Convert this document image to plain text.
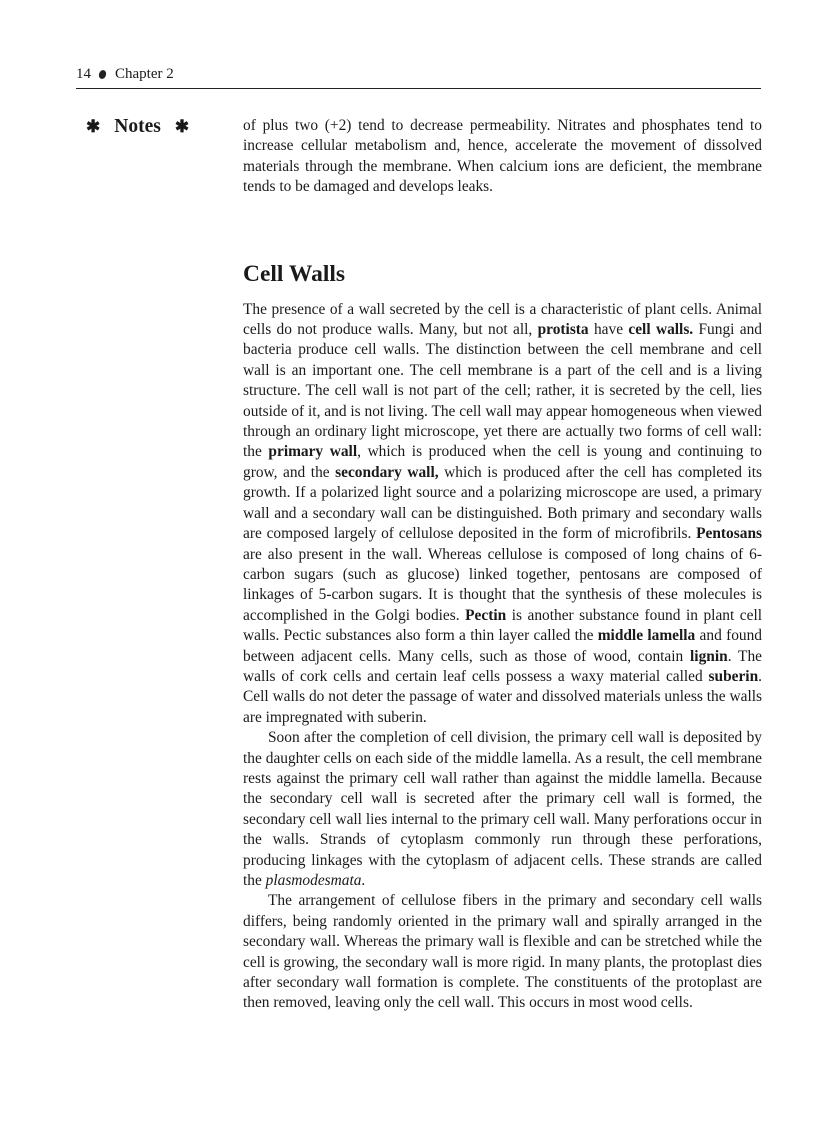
14 Chapter 2
✱ Notes ✱	of plus two (+2) tend to decrease permeability. Nitrates and phosphates tend to increase cellular metabolism and, hence, accelerate the movement of dissolved materials through the membrane. When calcium ions are deficient, the membrane tends to be damaged and develops leaks.

Cell Walls

The presence of a wall secreted by the cell is a characteristic of plant cells. Animal cells do not produce walls. Many, but not all, protista have cell walls. Fungi and bacteria produce cell walls. The distinction between the cell membrane and cell wall is an important one. The cell membrane is a part of the cell and is a living structure. The cell wall is not part of the cell; rather, it is secreted by the cell, lies outside of it, and is not living. The cell wall may appear homogeneous when viewed through an ordinary light microscope, yet there are actually two forms of cell wall: the primary wall, which is produced when the cell is young and continuing to grow, and the secondary wall, which is produced after the cell has completed its growth. If a polarized light source and a polarizing microscope are used, a primary wall and a secondary wall can be distinguished. Both primary and secondary walls are composed largely of cellulose deposited in the form of microfibrils. Pentosans are also present in the wall. Whereas cellulose is composed of long chains of 6-carbon sugars (such as glucose) linked together, pentosans are composed of linkages of 5-carbon sugars. It is thought that the synthesis of these molecules is accomplished in the Golgi bodies. Pectin is another substance found in plant cell walls. Pectic substances also form a thin layer called the middle lamella and found between adjacent cells. Many cells, such as those of wood, contain lignin. The walls of cork cells and certain leaf cells possess a waxy material called suberin. Cell walls do not deter the passage of water and dissolved materials unless the walls are impregnated with suberin.

Soon after the completion of cell division, the primary cell wall is deposited by the daughter cells on each side of the middle lamella. As a result, the cell membrane rests against the primary cell wall rather than against the middle lamella. Because the secondary cell wall is secreted after the primary cell wall is formed, the secondary cell wall lies internal to the primary cell wall. Many perforations occur in the walls. Strands of cytoplasm commonly run through these perforations, producing linkages with the cytoplasm of adjacent cells. These strands are called the plasmodesmata.

The arrangement of cellulose fibers in the primary and secondary cell walls differs, being randomly oriented in the primary wall and spirally arranged in the secondary wall. Whereas the primary wall is flexible and can be stretched while the cell is growing, the secondary wall is more rigid. In many plants, the protoplast dies after secondary wall formation is complete. The constituents of the protoplast are then removed, leaving only the cell wall. This occurs in most wood cells.
